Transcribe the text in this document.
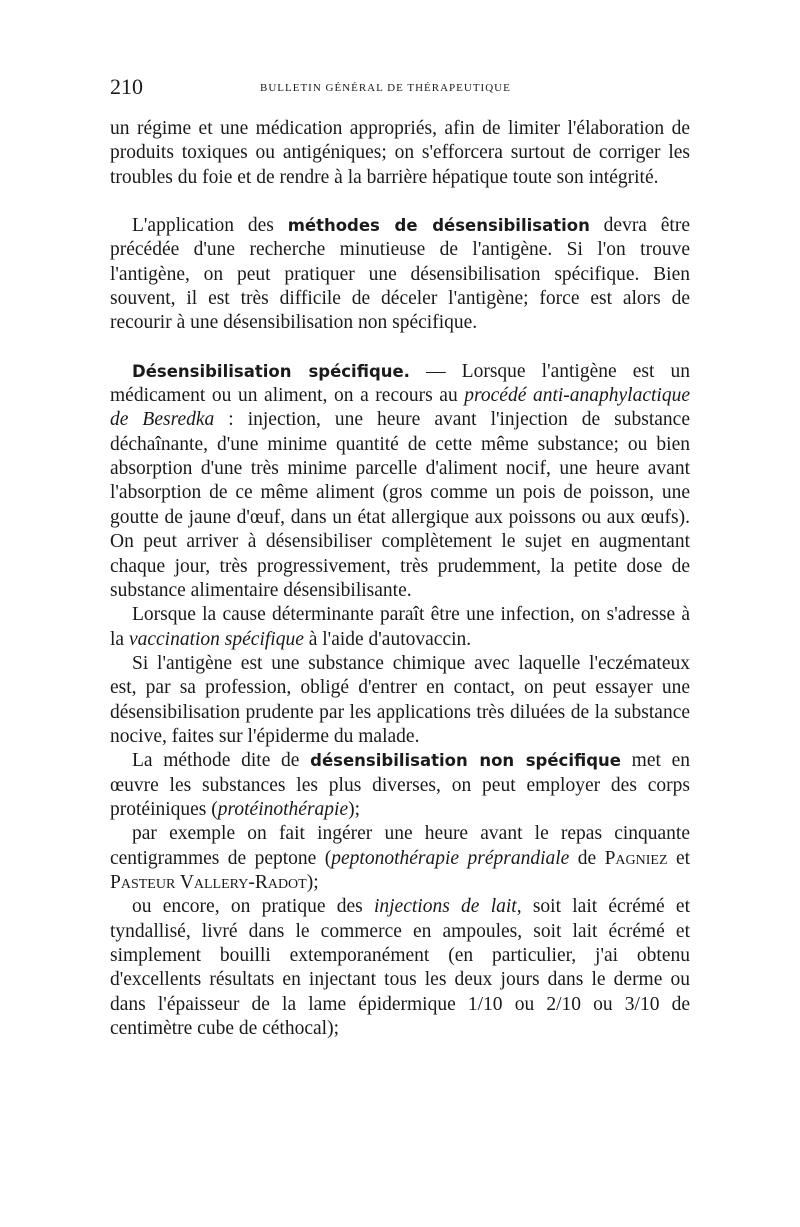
210	BULLETIN GÉNÉRAL DE THÉRAPEUTIQUE

un régime et une médication appropriés, afin de limiter l'élaboration de produits toxiques ou antigéniques; on s'efforcera surtout de corriger les troubles du foie et de rendre à la barrière hépatique toute son intégrité.

L'application des méthodes de désensibilisation devra être précédée d'une recherche minutieuse de l'antigène. Si l'on trouve l'antigène, on peut pratiquer une désensibilisation spécifique. Bien souvent, il est très difficile de déceler l'antigène; force est alors de recourir à une désensibilisation non spécifique.

Désensibilisation spécifique. — Lorsque l'antigène est un médicament ou un aliment, on a recours au procédé anti-anaphylactique de Besredka : injection, une heure avant l'injection de substance déchaînante, d'une minime quantité de cette même substance; ou bien absorption d'une très minime parcelle d'aliment nocif, une heure avant l'absorption de ce même aliment (gros comme un pois de poisson, une goutte de jaune d'œuf, dans un état allergique aux poissons ou aux œufs). On peut arriver à désensibiliser complètement le sujet en augmentant chaque jour, très progressivement, très prudemment, la petite dose de substance alimentaire désensibilisante.

Lorsque la cause déterminante paraît être une infection, on s'adresse à la vaccination spécifique à l'aide d'autovaccin.

Si l'antigène est une substance chimique avec laquelle l'eczémateux est, par sa profession, obligé d'entrer en contact, on peut essayer une désensibilisation prudente par les applications très diluées de la substance nocive, faites sur l'épiderme du malade.

La méthode dite de désensibilisation non spécifique met en œuvre les substances les plus diverses, on peut employer des corps protéiniques (protéinothérapie);

par exemple on fait ingérer une heure avant le repas cinquante centigrammes de peptone (peptonothérapie préprandiale de Pagniez et Pasteur Vallery-Radot);

ou encore, on pratique des injections de lait, soit lait écrémé et tyndallisé, livré dans le commerce en ampoules, soit lait écrémé et simplement bouilli extemporanément (en particulier, j'ai obtenu d'excellents résultats en injectant tous les deux jours dans le derme ou dans l'épaisseur de la lame épidermique 1/10 ou 2/10 ou 3/10 de centimètre cube de céthocal);
